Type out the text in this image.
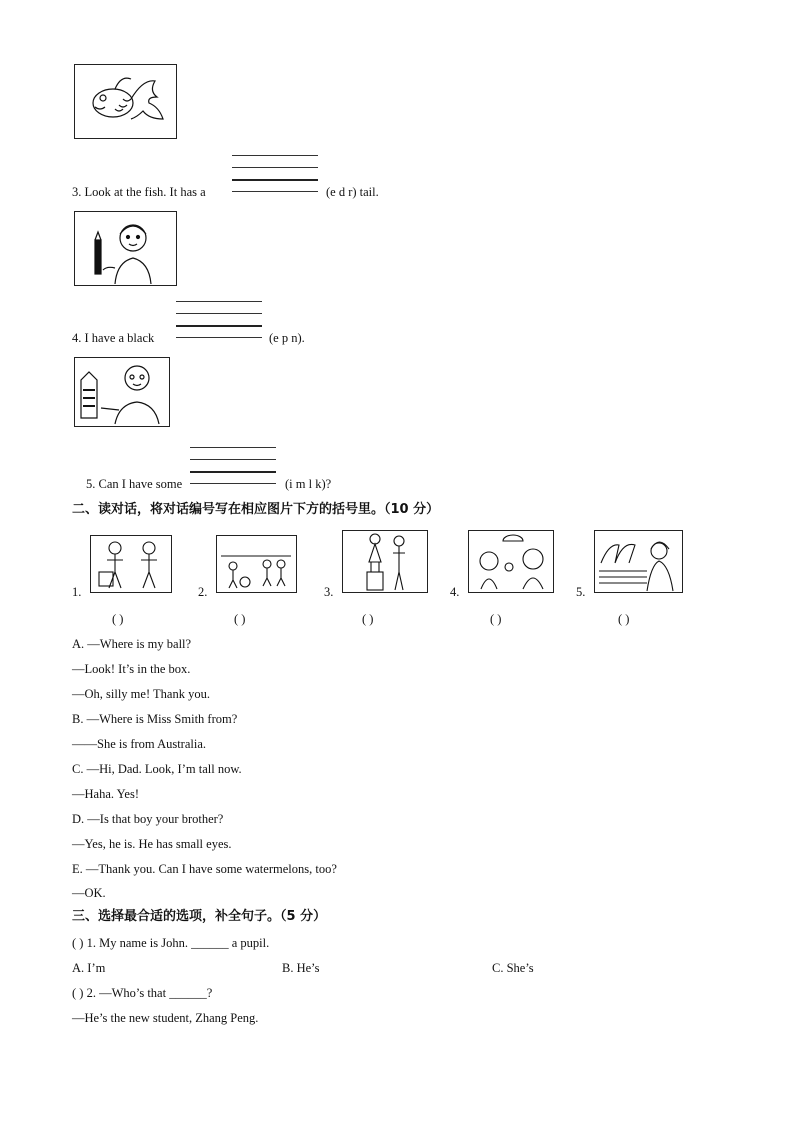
3. Look at the fish. It has a	(e d r) tail.
4. I have a black	(e p n).
5. Can I have some	(i m l k)?
二、读对话，将对话编号写在相应图片下方的括号里。（10 分）
1.	2.	3.	4.	5.
( )	( )	( )	( )	( )
A. —Where is my ball?
—Look! It’s in the box.
—Oh, silly me! Thank you.
B. —Where is Miss Smith from?
——She is from Australia.
C. —Hi, Dad. Look, I’m tall now.
—Haha. Yes!
D. —Is that boy your brother?
—Yes, he is. He has small eyes.
E. —Thank you. Can I have some watermelons, too?
—OK.
三、选择最合适的选项，补全句子。（5 分）
( ) 1. My name is John. ______ a pupil.
A. I’m	B. He’s	C. She’s
( ) 2. —Who’s that ______?
—He’s the new student, Zhang Peng.
